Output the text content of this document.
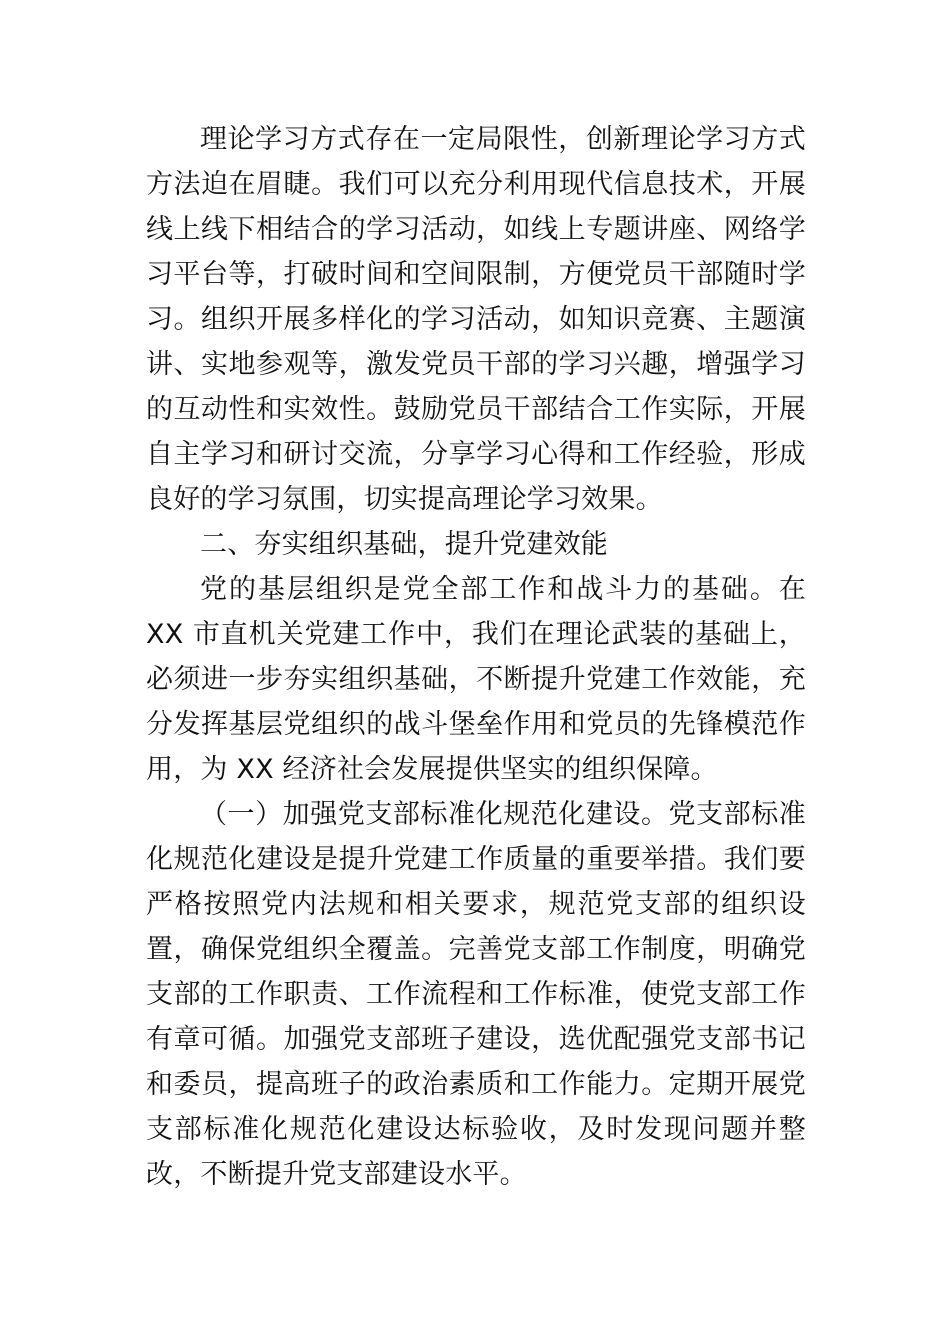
理论学习方式存在一定局限性，创新理论学习方式方法迫在眉睫。我们可以充分利用现代信息技术，开展线上线下相结合的学习活动，如线上专题讲座、网络学习平台等，打破时间和空间限制，方便党员干部随时学习。组织开展多样化的学习活动，如知识竞赛、主题演讲、实地参观等，激发党员干部的学习兴趣，增强学习的互动性和实效性。鼓励党员干部结合工作实际，开展自主学习和研讨交流，分享学习心得和工作经验，形成良好的学习氛围，切实提高理论学习效果。

二、夯实组织基础，提升党建效能

党的基层组织是党全部工作和战斗力的基础。在 XX 市直机关党建工作中，我们在理论武装的基础上，必须进一步夯实组织基础，不断提升党建工作效能，充分发挥基层党组织的战斗堡垒作用和党员的先锋模范作用，为 XX 经济社会发展提供坚实的组织保障。

（一）加强党支部标准化规范化建设。党支部标准化规范化建设是提升党建工作质量的重要举措。我们要严格按照党内法规和相关要求，规范党支部的组织设置，确保党组织全覆盖。完善党支部工作制度，明确党支部的工作职责、工作流程和工作标准，使党支部工作有章可循。加强党支部班子建设，选优配强党支部书记和委员，提高班子的政治素质和工作能力。定期开展党支部标准化规范化建设达标验收，及时发现问题并整改，不断提升党支部建设水平。
